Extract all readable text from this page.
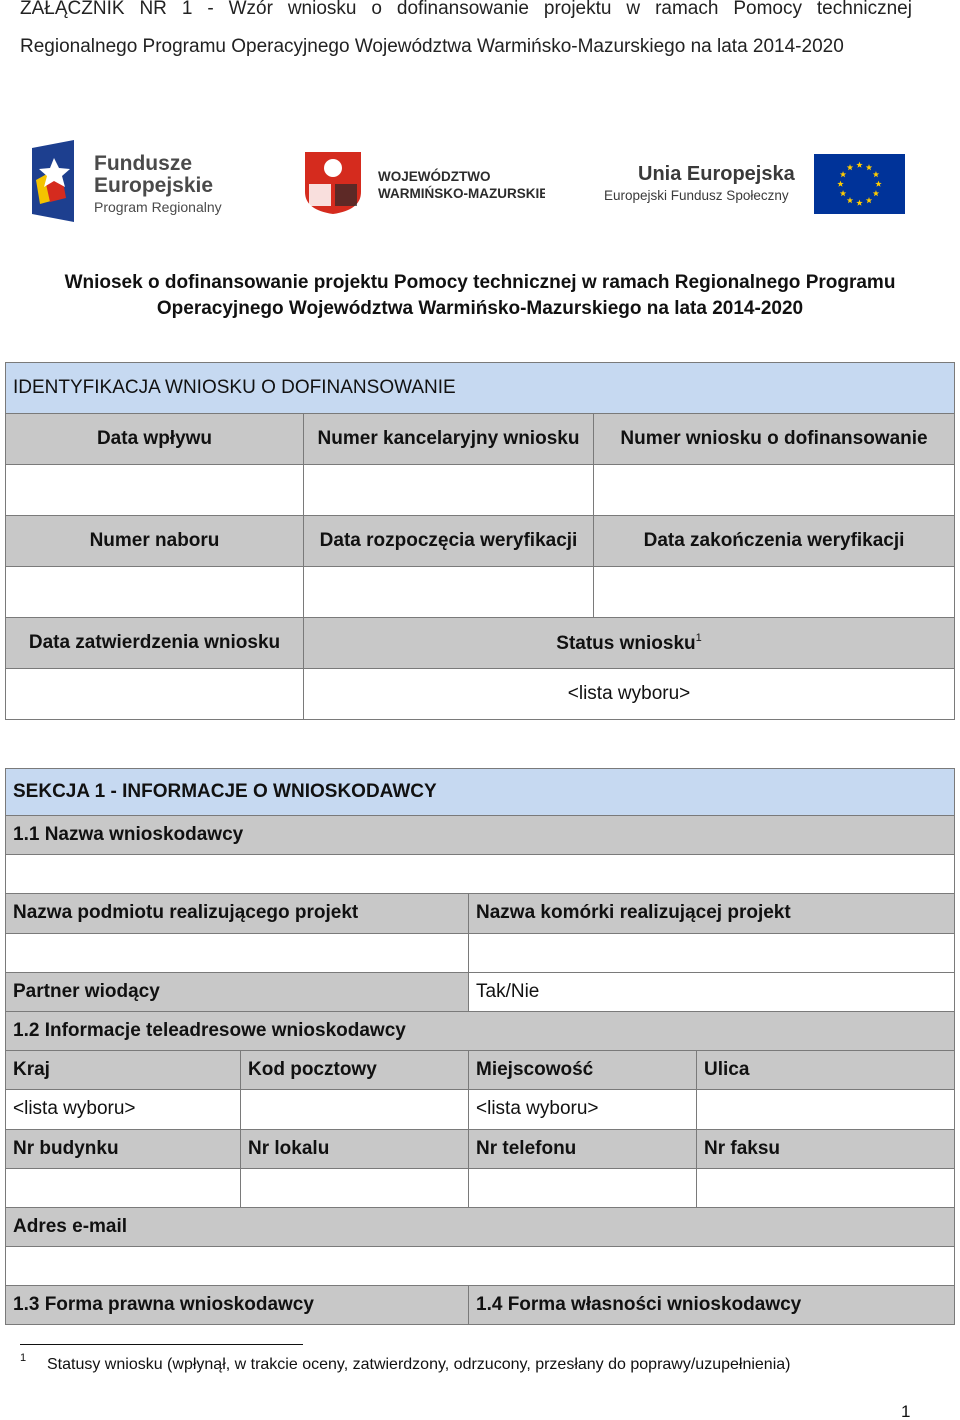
ZAŁĄCZNIK NR 1 - Wzór wniosku o dofinansowanie projektu w ramach Pomocy technicznej
Regionalnego Programu Operacyjnego Województwa Warmińsko-Mazurskiego na lata 2014-2020
Fundusze
Europejskie
Program Regionalny
WOJEWÓDZTWO
WARMIŃSKO-MAZURSKIE
Unia Europejska
Europejski Fundusz Społeczny
Wniosek o dofinansowanie projektu Pomocy technicznej w ramach Regionalnego Programu
Operacyjnego Województwa Warmińsko-Mazurskiego na lata 2014-2020
IDENTYFIKACJA WNIOSKU O DOFINANSOWANIE		
Data wpływu	Numer kancelaryjny wniosku	Numer wniosku o dofinansowanie

Numer naboru	Data rozpoczęcia weryfikacji	Data zakończenia weryfikacji

Data zatwierdzenia wniosku	Status wniosku$^1$
	<lista wyboru>	
SEKCJA 1 - INFORMACJE O WNIOSKODAWCY			
1.1 Nazwa wnioskodawcy			

Nazwa podmiotu realizującego projekt		Nazwa komórki realizującej projekt	

Partner wiodący		Tak/Nie	
1.2 Informacje teleadresowe wnioskodawcy			
Kraj	Kod pocztowy	Miejscowość	Ulica
<lista wyboru>		<lista wyboru>	
Nr budynku	Nr lokalu	Nr telefonu	Nr faksu

Adres e-mail			

1.3 Forma prawna wnioskodawcy		1.4 Forma własności wnioskodawcy	
1 Statusy wniosku (wpłynął, w trakcie oceny, zatwierdzony, odrzucony, przesłany do poprawy/uzupełnienia)
1
